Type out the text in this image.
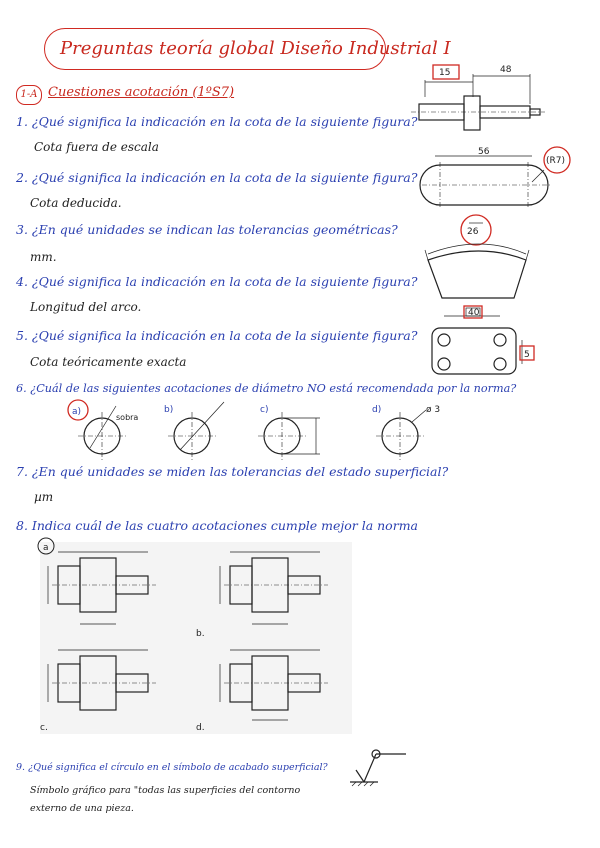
Preguntas teoría global Diseño Industrial I
1-A Cuestiones acotación (1ºS7)
1. ¿Qué significa la indicación en la cota de la siguiente figura?
Cota fuera de escala
15	48
2. ¿Qué significa la indicación en la cota de la siguiente figura?
Cota deducida.
56
(R7)
3. ¿En qué unidades se indican las tolerancias geométricas?
mm.
26
4. ¿Qué significa la indicación en la cota de la siguiente figura?
Longitud del arco.	40
5
5. ¿Qué significa la indicación en la cota de la siguiente figura?
Cota teóricamente exacta
6. ¿Cuál de las siguientes acotaciones de diámetro NO está recomendada por la norma?
a)
sobra
b)	c)	d)	ø 3
7. ¿En qué unidades se miden las tolerancias del estado superficial?
µm
8. Indica cuál de las cuatro acotaciones cumple mejor la norma
a
b.
c.	d.
9. ¿Qué significa el círculo en el símbolo de acabado superficial?
Símbolo gráfico para "todas las superficies del contorno externo de una pieza.
